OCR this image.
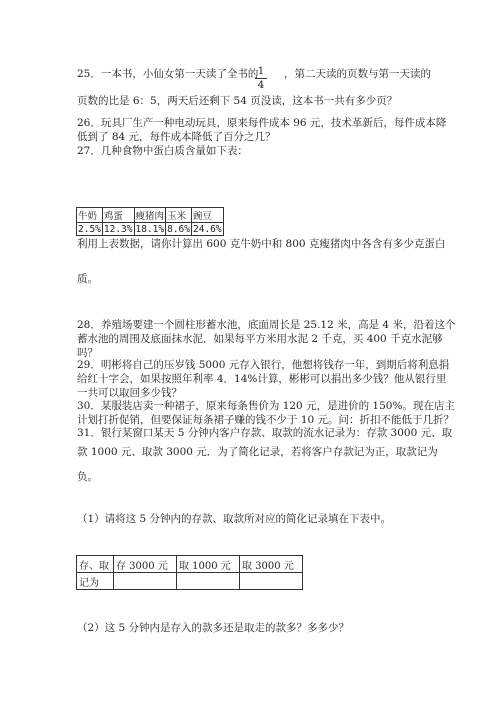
25．一本书，小仙女第一天读了全书的 1
4
，第二天读的页数与第一天读的
页数的比是 6：5，两天后还剩下 54 页没读，这本书一共有多少页？
26．玩具厂生产一种电动玩具，原来每件成本 96 元，技术革新后，每件成本降
低到了 84 元，每件成本降低了百分之几？
27．几种食物中蛋白质含量如下表：
牛奶	鸡蛋	瘦猪肉	玉米	豌豆
2.5%	12.3%	18.1%	8.6%	24.6%
利用上表数据，请你计算出 600 克牛奶中和 800 克瘦猪肉中各含有多少克蛋白
质。
28．养殖场要建一个圆柱形蓄水池，底面周长是 25.12 米，高是 4 米，沿着这个
蓄水池的周围及底面抹水泥．如果每平方米用水泥 2 千克，买 400 千克水泥够
吗？
29．明彬将自己的压岁钱 5000 元存入银行，他想将钱存一年，到期后将利息捐
给红十字会，如果按照年利率 4．14%计算，彬彬可以捐出多少钱？他从银行里
一共可以取回多少钱？
30．某服装店卖一种裙子，原来每条售价为 120 元，是进价的 150%。现在店主
计划打折促销，但要保证每条裙子赚的钱不少于 10 元。问：折扣不能低于几折？
31．银行某窗口某天 5 分钟内客户存款、取款的流水记录为：存款 3000 元、取
款 1000 元、取款 3000 元．为了简化记录，若将客户存款记为正，取款记为
负。
（1）请将这 5 分钟内的存款、取款所对应的简化记录填在下表中。
存、取	存 3000 元	取 1000 元	取 3000 元
记为			
（2）这 5 分钟内是存入的款多还是取走的款多？多多少？
